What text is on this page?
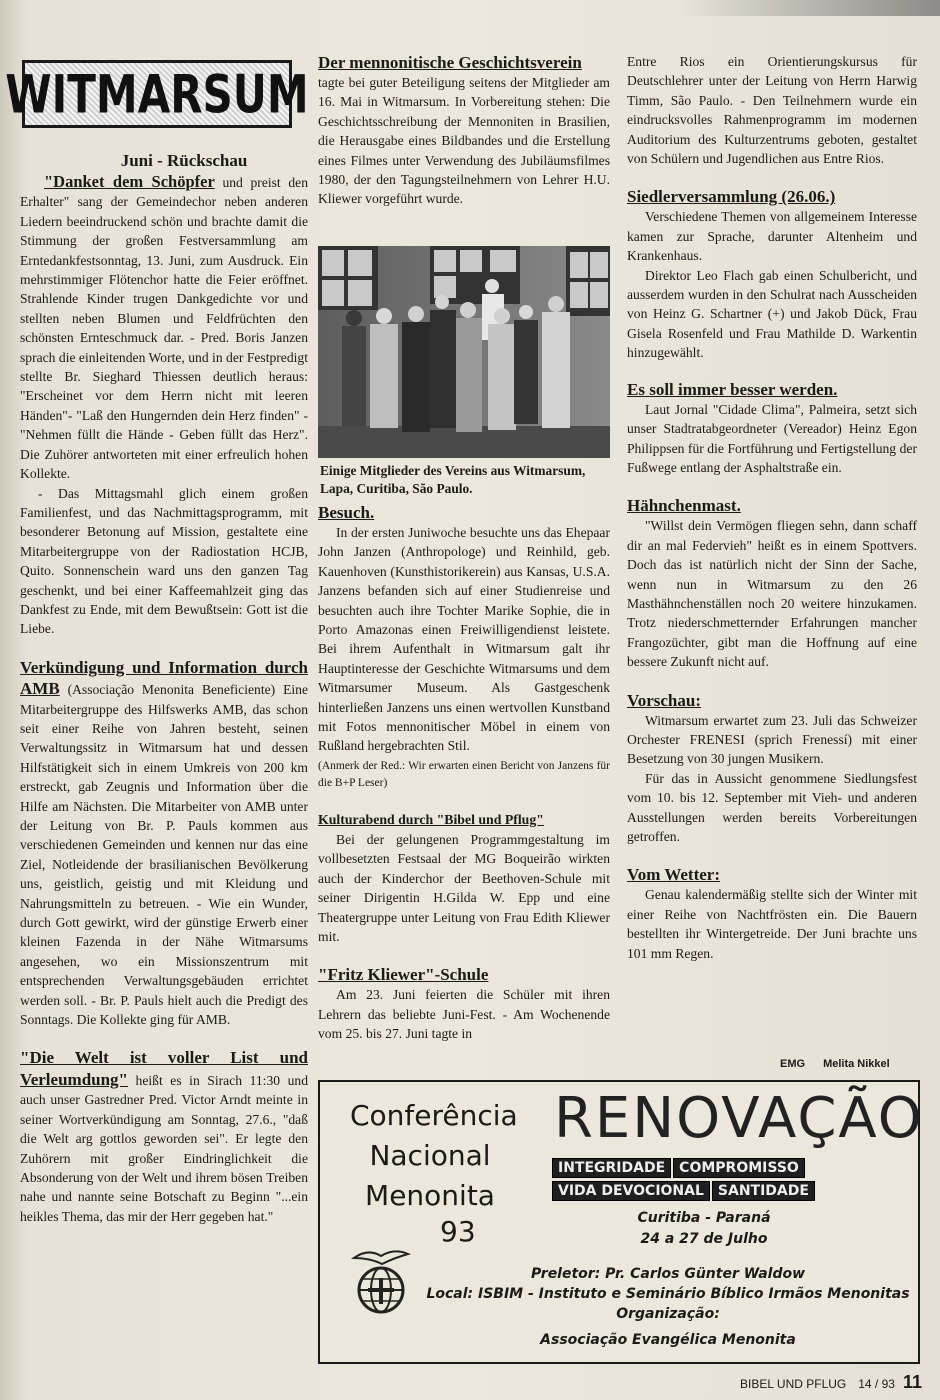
WITMARSUM
Juni - Rückschau

"Danket dem Schöpfer und preist den Erhalter" sang der Gemeindechor neben anderen Liedern beeindruckend schön und brachte damit die Stimmung der großen Festversammlung am Erntedankfestsonntag, 13. Juni, zum Ausdruck. Ein mehrstimmiger Flötenchor hatte die Feier eröffnet. Strahlende Kinder trugen Dankgedichte vor und stellten neben Blumen und Feldfrüchten den schönsten Ernteschmuck dar. - Pred. Boris Janzen sprach die einleitenden Worte, und in der Festpredigt stellte Br. Sieghard Thiessen deutlich heraus: "Erscheinet vor dem Herrn nicht mit leeren Händen"- "Laß den Hungernden dein Herz finden" - "Nehmen füllt die Hände - Geben füllt das Herz". Die Zuhörer antworteten mit einer erfreulich hohen Kollekte.

- Das Mittagsmahl glich einem großen Familienfest, und das Nachmittagsprogramm, mit besonderer Betonung auf Mission, gestaltete eine Mitarbeitergruppe von der Radiostation HCJB, Quito. Sonnenschein ward uns den ganzen Tag geschenkt, und bei einer Kaffeemahlzeit ging das Dankfest zu Ende, mit dem Bewußtsein: Gott ist die Liebe.

Verkündigung und Information durch AMB (Associação Menonita Beneficiente) Eine Mitarbeitergruppe des Hilfswerks AMB, das schon seit einer Reihe von Jahren besteht, seinen Verwaltungssitz in Witmarsum hat und dessen Hilfstätigkeit sich in einem Umkreis von 200 km erstreckt, gab Zeugnis und Information über die Hilfe am Nächsten. Die Mitarbeiter von AMB unter der Leitung von Br. P. Pauls kommen aus verschiedenen Gemeinden und kennen nur das eine Ziel, Notleidende der brasilianischen Bevölkerung uns, geistlich, geistig und mit Kleidung und Nahrungsmitteln zu betreuen. - Wie ein Wunder, durch Gott gewirkt, wird der günstige Erwerb einer kleinen Fazenda in der Nähe Witmarsums angesehen, wo ein Missionszentrum mit entsprechenden Verwaltungsgebäuden errichtet werden soll. - Br. P. Pauls hielt auch die Predigt des Sonntags. Die Kollekte ging für AMB.

"Die Welt ist voller List und Verleumdung" heißt es in Sirach 11:30 und auch unser Gastredner Pred. Victor Arndt meinte in seiner Wortverkündigung am Sonntag, 27.6., "daß die Welt arg gottlos geworden sei". Er legte den Zuhörern mit großer Eindringlichkeit die Absonderung von der Welt und ihrem bösen Treiben nahe und nannte seine Botschaft zu Beginn "...ein heikles Thema, das mir der Herr gegeben hat."

Der mennonitische Geschichtsverein

tagte bei guter Beteiligung seitens der Mitglieder am 16. Mai in Witmarsum. In Vorbereitung stehen: Die Geschichtsschreibung der Mennoniten in Brasilien, die Herausgabe eines Bildbandes und die Erstellung eines Filmes unter Verwendung des Jubiläumsfilmes 1980, der den Tagungsteilnehmern von Lehrer H.U. Kliewer vorgeführt wurde.

Einige Mitglieder des Vereins aus Witmarsum, Lapa, Curitiba, São Paulo.
Besuch.

In der ersten Juniwoche besuchte uns das Ehepaar John Janzen (Anthropologe) und Reinhild, geb. Kauenhoven (Kunsthistorikerein) aus Kansas, U.S.A. Janzens befanden sich auf einer Studienreise und besuchten auch ihre Tochter Marike Sophie, die in Porto Amazonas einen Freiwilligendienst leistete. Bei ihrem Aufenthalt in Witmarsum galt ihr Hauptinteresse der Geschichte Witmarsums und dem Witmarsumer Museum. Als Gastgeschenk hinterließen Janzens uns einen wertvollen Kunstband mit Fotos mennonitischer Möbel in einem von Rußland hergebrachten Stil.

(Anmerk der Red.: Wir erwarten einen Bericht von Janzens für die B+P Leser)

Kulturabend durch "Bibel und Pflug"

Bei der gelungenen Programmgestaltung im vollbesetzten Festsaal der MG Boqueirão wirkten auch der Kinderchor der Beethoven-Schule mit seiner Dirigentin H.Gilda W. Epp und eine Theatergruppe unter Leitung von Frau Edith Kliewer mit.

"Fritz Kliewer"-Schule

Am 23. Juni feierten die Schüler mit ihren Lehrern das beliebte Juni-Fest. - Am Wochenende vom 25. bis 27. Juni tagte in

Entre Rios ein Orientierungskursus für Deutschlehrer unter der Leitung von Herrn Harwig Timm, São Paulo. - Den Teilnehmern wurde ein eindrucksvolles Rahmenprogramm im modernen Auditorium des Kulturzentrums geboten, gestaltet von Schülern und Jugendlichen aus Entre Rios.

Siedlerversammlung (26.06.)

Verschiedene Themen von allgemeinem Interesse kamen zur Sprache, darunter Altenheim und Krankenhaus.

Direktor Leo Flach gab einen Schulbericht, und ausserdem wurden in den Schulrat nach Ausscheiden von Heinz G. Schartner (+) und Jakob Dück, Frau Gisela Rosenfeld und Frau Mathilde D. Warkentin hinzugewählt.

Es soll immer besser werden.

Laut Jornal "Cidade Clima", Palmeira, setzt sich unser Stadtratabgeordneter (Vereador) Heinz Egon Philippsen für die Fortführung und Fertigstellung der Fußwege entlang der Asphaltstraße ein.

Hähnchenmast.

"Willst dein Vermögen fliegen sehn, dann schaff dir an mal Federvieh" heißt es in einem Spottvers. Doch das ist natürlich nicht der Sinn der Sache, wenn nun in Witmarsum zu den 26 Masthähnchenställen noch 20 weitere hinzukamen. Trotz niederschmetternder Erfahrungen mancher Frangozüchter, gibt man die Hoffnung auf eine bessere Zukunft nicht auf.

Vorschau:

Witmarsum erwartet zum 23. Juli das Schweizer Orchester FRENESI (sprich Frenessí) mit einer Besetzung von 30 jungen Musikern.

Für das in Aussicht genommene Siedlungsfest vom 10. bis 12. September mit Vieh- und anderen Ausstellungen werden bereits Vorbereitungen getroffen.

Vom Wetter:

Genau kalendermäßig stellte sich der Winter mit einer Reihe von Nachtfrösten ein. Die Bauern bestellten ihr Wintergetreide. Der Juni brachte uns 101 mm Regen.

EMG Melita Nikkel
Conferência
Nacional
Menonita
93
RENOVAÇÃO
INTEGRIDADE COMPROMISSO
VIDA DEVOCIONAL SANTIDADE
Curitiba - Paraná
24 a 27 de Julho
Preletor: Pr. Carlos Günter Waldow
Local: ISBIM - Instituto e Seminário Bíblico Irmãos Menonitas
Organização:
Associação Evangélica Menonita
BIBEL UND PFLUG 14 / 93 11
